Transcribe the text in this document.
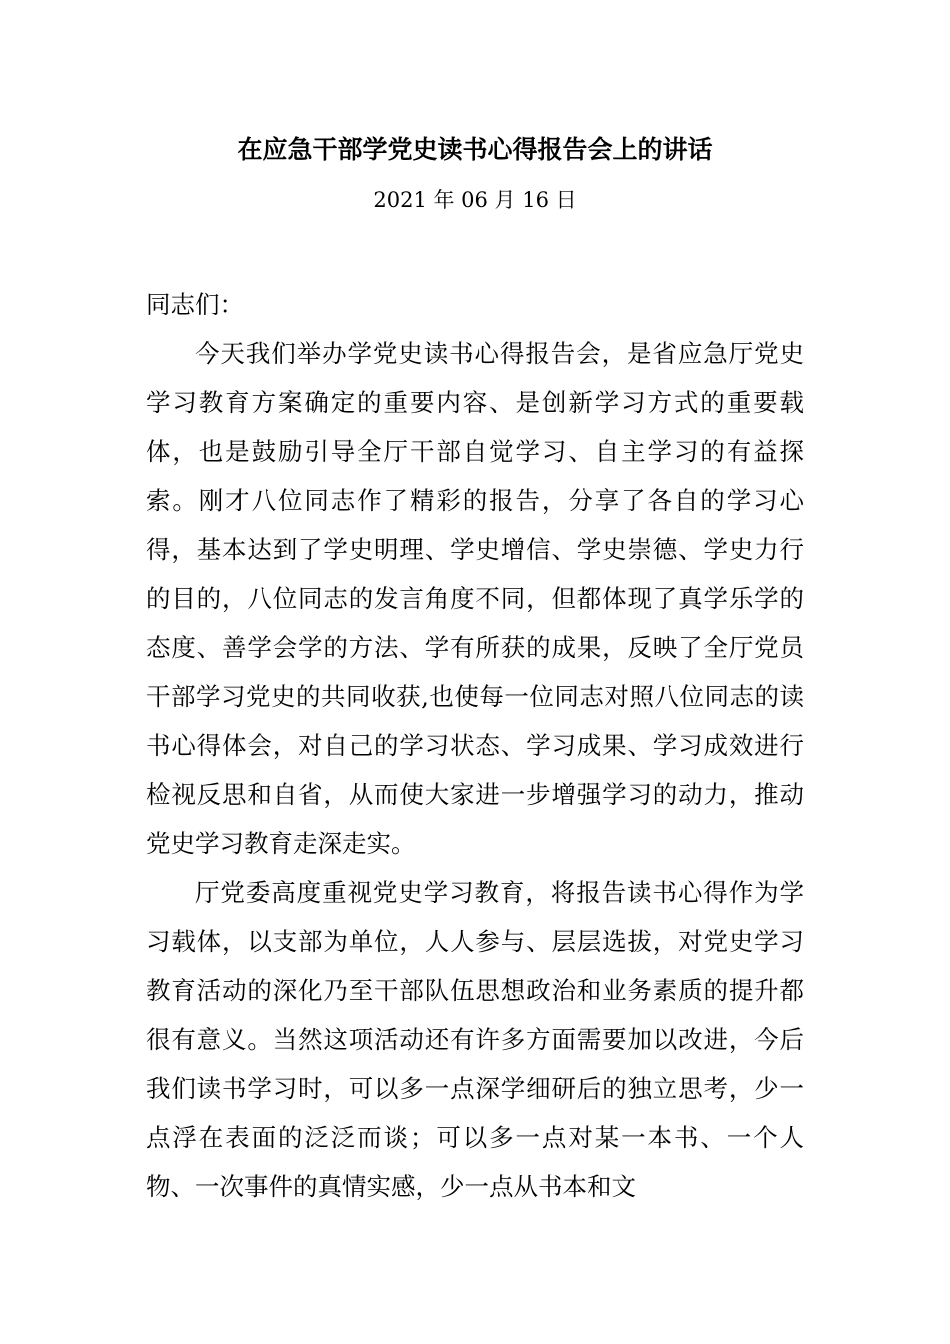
在应急干部学党史读书心得报告会上的讲话
2021 年 06 月 16 日

同志们：

今天我们举办学党史读书心得报告会，是省应急厅党史学习教育方案确定的重要内容、是创新学习方式的重要载体，也是鼓励引导全厅干部自觉学习、自主学习的有益探索。刚才八位同志作了精彩的报告，分享了各自的学习心得，基本达到了学史明理、学史增信、学史崇德、学史力行的目的，八位同志的发言角度不同，但都体现了真学乐学的态度、善学会学的方法、学有所获的成果，反映了全厅党员干部学习党史的共同收获,也使每一位同志对照八位同志的读书心得体会，对自己的学习状态、学习成果、学习成效进行检视反思和自省，从而使大家进一步增强学习的动力，推动党史学习教育走深走实。

厅党委高度重视党史学习教育，将报告读书心得作为学习载体，以支部为单位，人人参与、层层选拔，对党史学习教育活动的深化乃至干部队伍思想政治和业务素质的提升都很有意义。当然这项活动还有许多方面需要加以改进，今后我们读书学习时，可以多一点深学细研后的独立思考，少一点浮在表面的泛泛而谈；可以多一点对某一本书、一个人物、一次事件的真情实感，少一点从书本和文
